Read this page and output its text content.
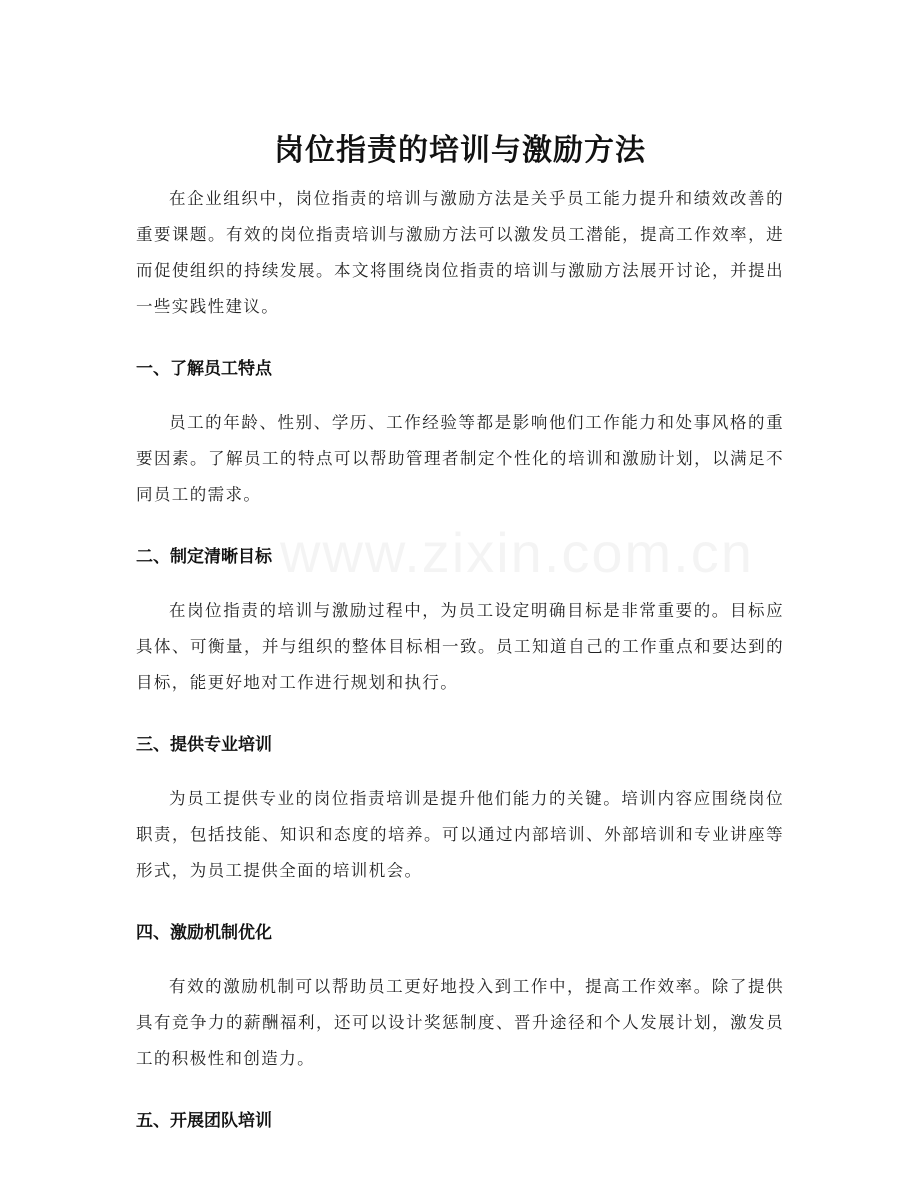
岗位指责的培训与激励方法

在企业组织中，岗位指责的培训与激励方法是关乎员工能力提升和绩效改善的重要课题。有效的岗位指责培训与激励方法可以激发员工潜能，提高工作效率，进而促使组织的持续发展。本文将围绕岗位指责的培训与激励方法展开讨论，并提出一些实践性建议。

一、了解员工特点

员工的年龄、性别、学历、工作经验等都是影响他们工作能力和处事风格的重要因素。了解员工的特点可以帮助管理者制定个性化的培训和激励计划，以满足不同员工的需求。

二、制定清晰目标

在岗位指责的培训与激励过程中，为员工设定明确目标是非常重要的。目标应具体、可衡量，并与组织的整体目标相一致。员工知道自己的工作重点和要达到的目标，能更好地对工作进行规划和执行。

三、提供专业培训

为员工提供专业的岗位指责培训是提升他们能力的关键。培训内容应围绕岗位职责，包括技能、知识和态度的培养。可以通过内部培训、外部培训和专业讲座等形式，为员工提供全面的培训机会。

四、激励机制优化

有效的激励机制可以帮助员工更好地投入到工作中，提高工作效率。除了提供具有竞争力的薪酬福利，还可以设计奖惩制度、晋升途径和个人发展计划，激发员工的积极性和创造力。

五、开展团队培训
